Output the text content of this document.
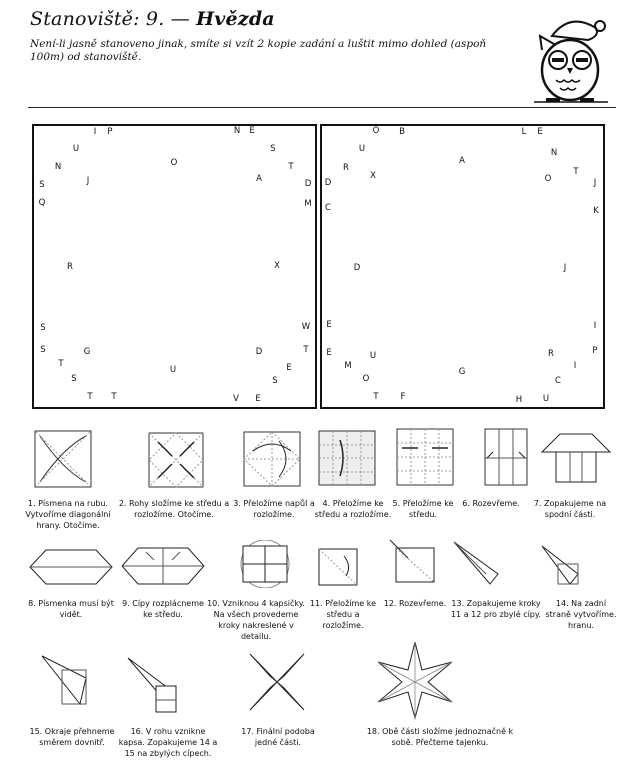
Stanoviště: 9. — Hvězda
Není-li jasně stanoveno jinak, smíte si vzít 2 kopie zadání a luštit mimo dohled (aspoň 100m) od stanoviště.
I P	N E
U	S
O
N	T
J	A
S	D
Q	M
R	X
S	W
S	G	D	T
T
U	E
S	S
T T	V E
O B	L E
U	N
A
R	T
X	O
D	J
C	K
D	J
E	I
E	U	R	P
M	I
G
O	C
T	F	H U
1. Písmena na rubu. Vytvoříme diagonální hrany. Otočíme.
2. Rohy složíme ke středu a rozložíme. Otočíme.
3. Přeložíme napůl a rozložíme.
4. Přeložíme ke středu a rozložíme.
5. Přeložíme ke středu.
6. Rozevřeme.	7. Zopakujeme na spodní části.
8. Písmenka musí být vidět.
9. Cípy rozplácneme ke středu.
10. Vzniknou 4 kapsičky. Na všech provedeme kroky nakreslené v detailu.
11. Přeložíme ke středu a rozložíme.
12. Rozevřeme. 13. Zopakujeme kroky 11 a 12 pro zbylé cípy.
14. Na zadní straně vytvoříme. hranu.
15. Okraje přehneme směrem dovnitř.
16. V rohu vznikne kapsa. Zopakujeme 14 a 15 na zbylých cípech.
17. Finální podoba jedné části.
18. Obě části složíme jednoznačně k sobě. Přečteme tajenku.
